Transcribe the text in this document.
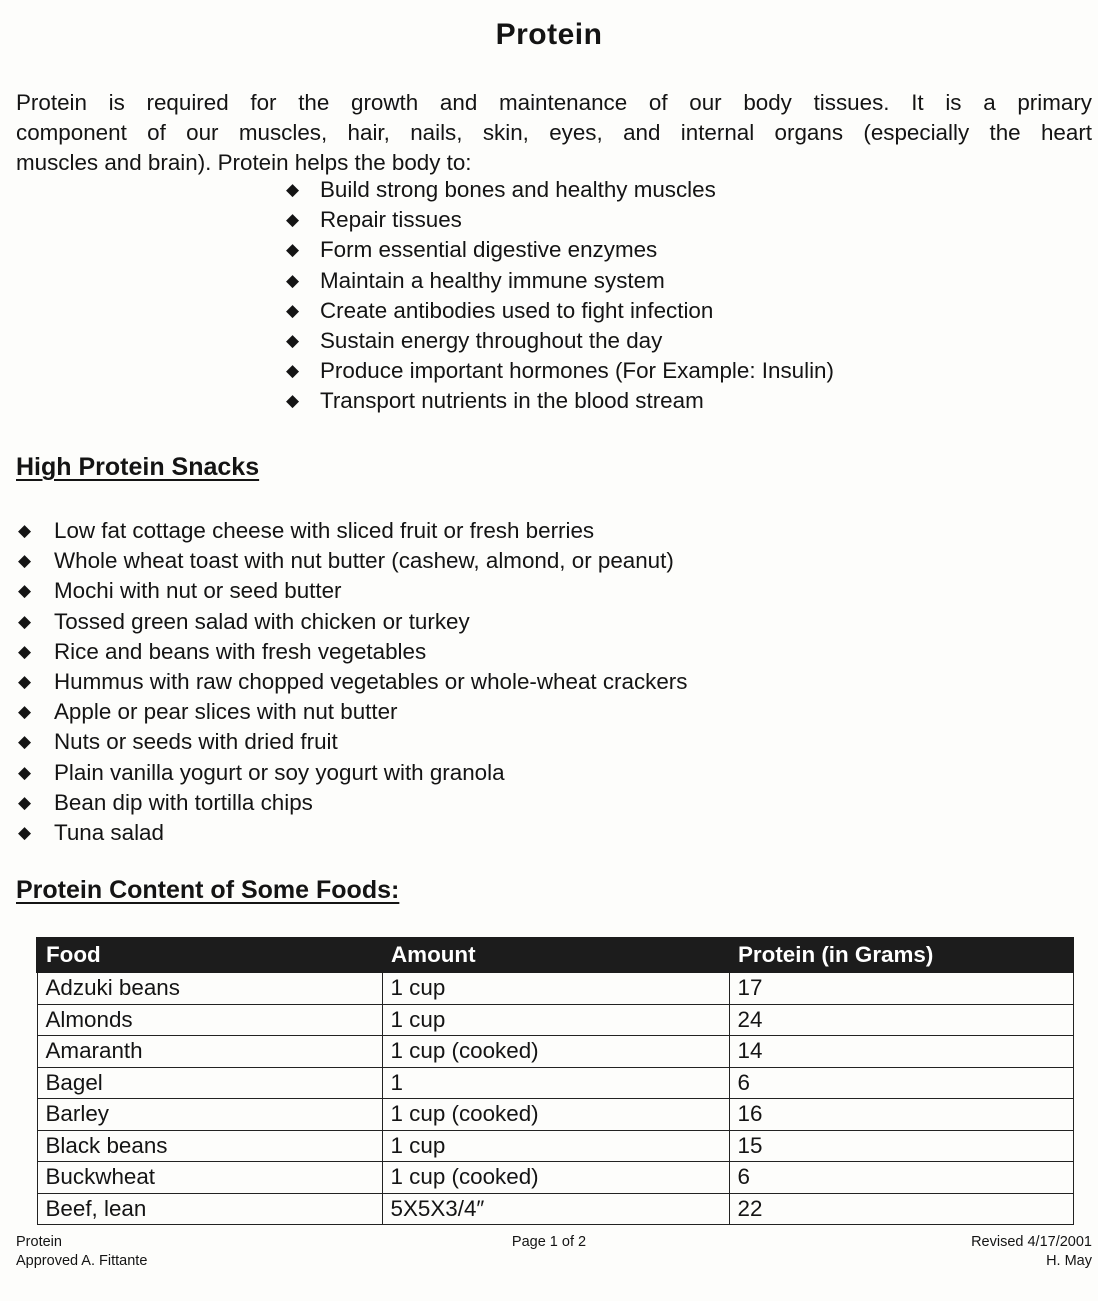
Protein
Protein is required for the growth and maintenance of our body tissues. It is a primary
component of our muscles, hair, nails, skin, eyes, and internal organs (especially the heart
muscles and brain). Protein helps the body to:
◆ Build strong bones and healthy muscles
◆ Repair tissues
◆ Form essential digestive enzymes
◆ Maintain a healthy immune system
◆ Create antibodies used to fight infection
◆ Sustain energy throughout the day
◆ Produce important hormones (For Example: Insulin)
◆ Transport nutrients in the blood stream
High Protein Snacks
◆ Low fat cottage cheese with sliced fruit or fresh berries
◆ Whole wheat toast with nut butter (cashew, almond, or peanut)
◆ Mochi with nut or seed butter
◆ Tossed green salad with chicken or turkey
◆ Rice and beans with fresh vegetables
◆ Hummus with raw chopped vegetables or whole-wheat crackers
◆ Apple or pear slices with nut butter
◆ Nuts or seeds with dried fruit
◆ Plain vanilla yogurt or soy yogurt with granola
◆ Bean dip with tortilla chips
◆ Tuna salad
Protein Content of Some Foods:
Food	Amount	Protein (in Grams)
Adzuki beans	1 cup	17
Almonds	1 cup	24
Amaranth	1 cup (cooked)	14
Bagel	1	6
Barley	1 cup (cooked)	16
Black beans	1 cup	15
Buckwheat	1 cup (cooked)	6
Beef, lean	5X5X3/4″	22
Protein
Approved A. Fittante
Page 1 of 2	Revised 4/17/2001
H. May
